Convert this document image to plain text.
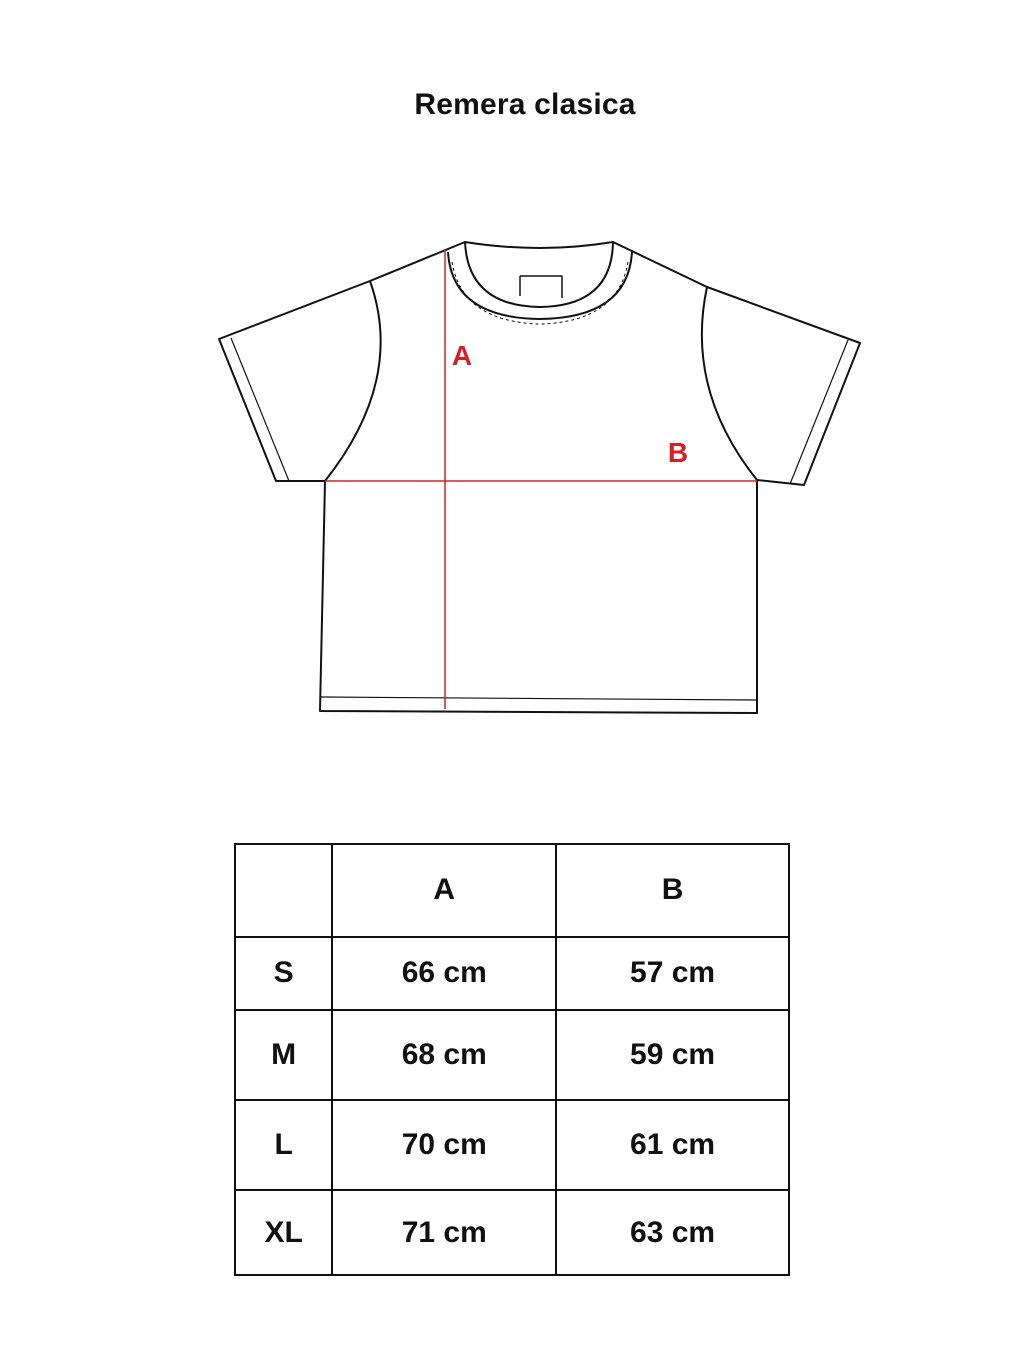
Remera clasica
A
B
	A	B
S	66 cm	57 cm
M	68 cm	59 cm
L	70 cm	61 cm
XL	71 cm	63 cm
